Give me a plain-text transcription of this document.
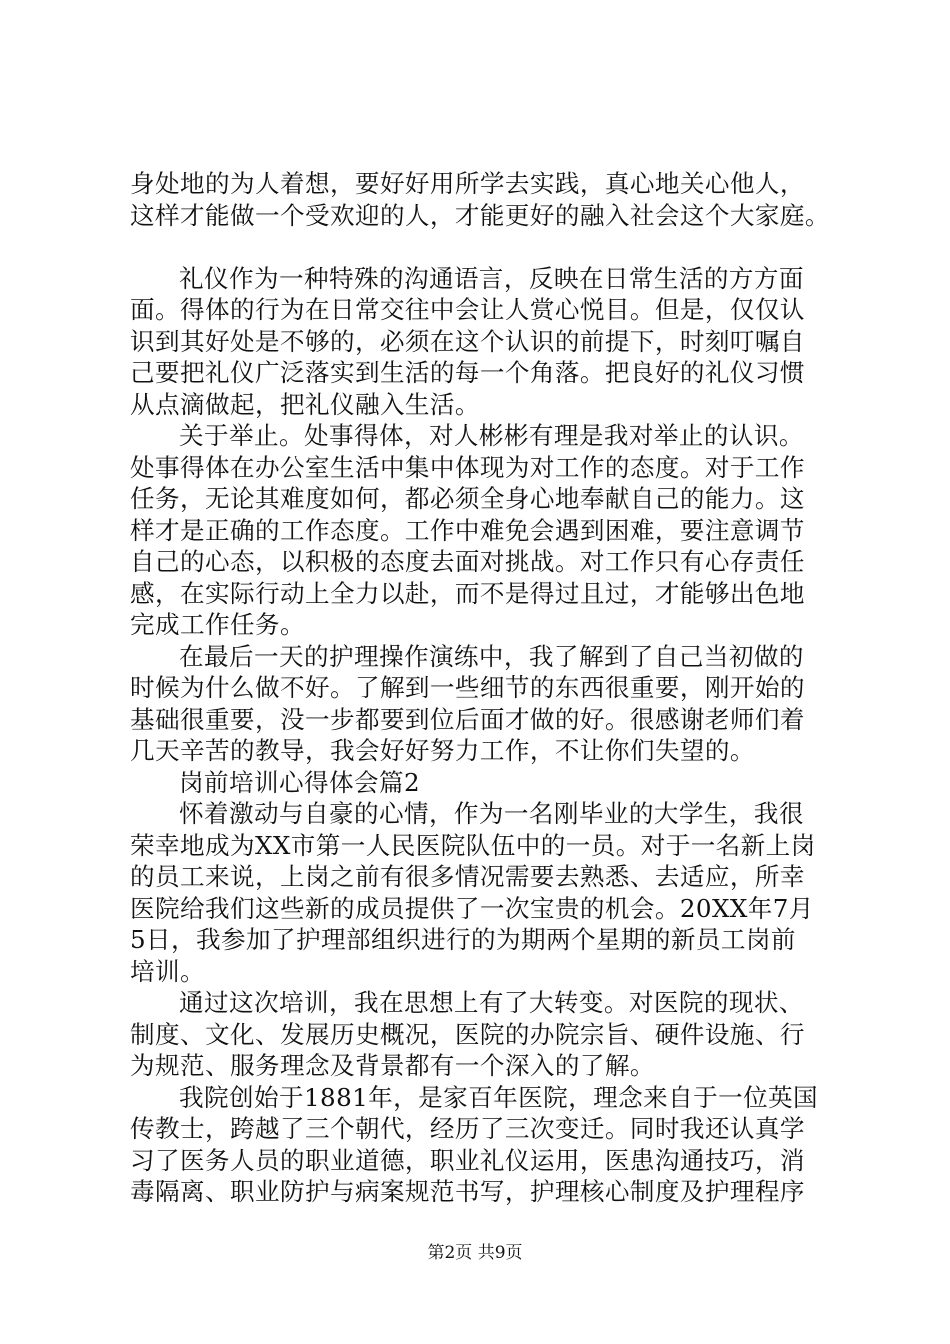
身处地的为人着想，要好好用所学去实践，真心地关心他人，
这样才能做一个受欢迎的人，才能更好的融入社会这个大家庭。
礼仪作为一种特殊的沟通语言，反映在日常生活的方方面
面。得体的行为在日常交往中会让人赏心悦目。但是，仅仅认
识到其好处是不够的，必须在这个认识的前提下，时刻叮嘱自
己要把礼仪广泛落实到生活的每一个角落。把良好的礼仪习惯
从点滴做起，把礼仪融入生活。
关于举止。处事得体，对人彬彬有理是我对举止的认识。
处事得体在办公室生活中集中体现为对工作的态度。对于工作
任务，无论其难度如何，都必须全身心地奉献自己的能力。这
样才是正确的工作态度。工作中难免会遇到困难，要注意调节
自己的心态，以积极的态度去面对挑战。对工作只有心存责任
感，在实际行动上全力以赴，而不是得过且过，才能够出色地
完成工作任务。
在最后一天的护理操作演练中，我了解到了自己当初做的
时候为什么做不好。了解到一些细节的东西很重要，刚开始的
基础很重要，没一步都要到位后面才做的好。很感谢老师们着
几天辛苦的教导，我会好好努力工作，不让你们失望的。
岗前培训心得体会篇2
怀着激动与自豪的心情，作为一名刚毕业的大学生，我很
荣幸地成为XX市第一人民医院队伍中的一员。对于一名新上岗
的员工来说，上岗之前有很多情况需要去熟悉、去适应，所幸
医院给我们这些新的成员提供了一次宝贵的机会。20XX年7月
5日，我参加了护理部组织进行的为期两个星期的新员工岗前
培训。
通过这次培训，我在思想上有了大转变。对医院的现状、
制度、文化、发展历史概况，医院的办院宗旨、硬件设施、行
为规范、服务理念及背景都有一个深入的了解。
我院创始于1881年，是家百年医院，理念来自于一位英国
传教士，跨越了三个朝代，经历了三次变迁。同时我还认真学
习了医务人员的职业道德，职业礼仪运用，医患沟通技巧，消
毒隔离、职业防护与病案规范书写，护理核心制度及护理程序
第2页 共9页
